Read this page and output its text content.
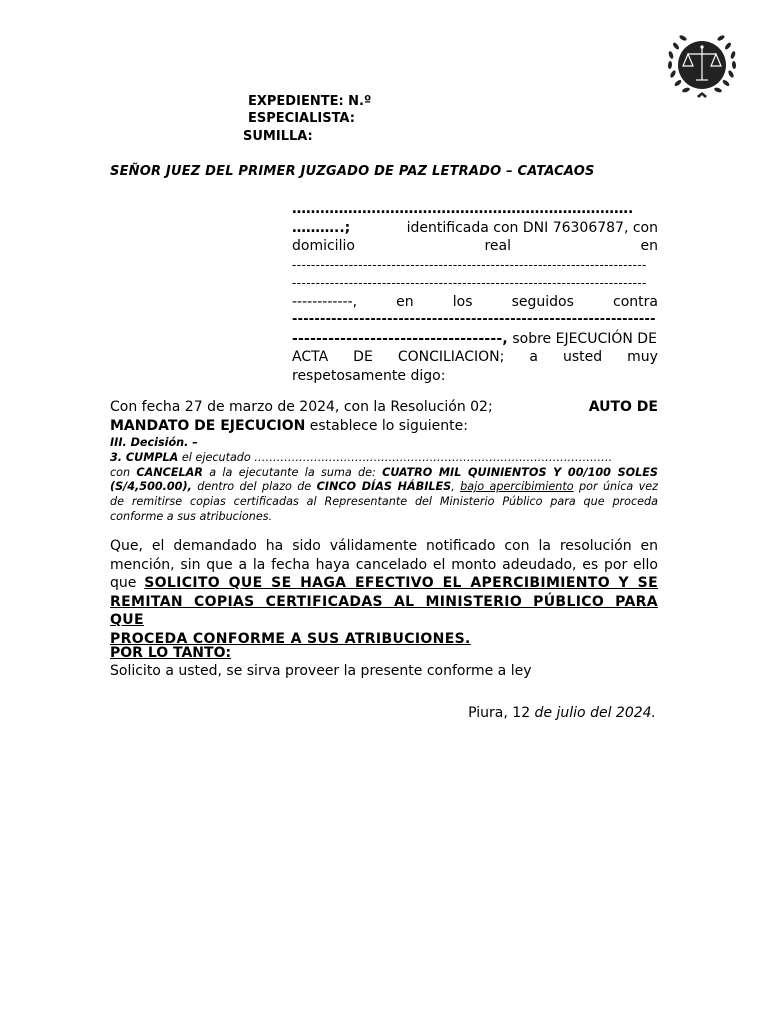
EXPEDIENTE: N.º
ESPECIALISTA:
SUMILLA:
SEÑOR JUEZ DEL PRIMER JUZGADO DE PAZ LETRADO – CATACAOS
……………………………………………………………….
………..;	identificada con DNI 76306787, con
domicilio	real	en
---------------------------------------------------------------------------
---------------------------------------------------------------------------
------------,	en	los	seguidos	contra
-----------------------------------------------------------------
-----------------------------------, sobre EJECUCIÓN DE
ACTA DE CONCILIACION; a usted muy
respetosamente digo:
Con fecha 27 de marzo de 2024, con la Resolución 02;	AUTO DE
MANDATO DE EJECUCION establece lo siguiente:
III. Decisión. –
3. CUMPLA el ejecutado ……………………………………………………………………………………
con CANCELAR a la ejecutante la suma de: CUATRO MIL QUINIENTOS Y 00/100 SOLES
(S/4,500.00), dentro del plazo de CINCO DÍAS HÁBILES, bajo apercibimiento por única vez
de remitirse copias certificadas al Representante del Ministerio Público para que proceda
conforme a sus atribuciones.
Que, el demandado ha sido válidamente notificado con la resolución en
mención, sin que a la fecha haya cancelado el monto adeudado, es por ello
que SOLICITO QUE SE HAGA EFECTIVO EL APERCIBIMIENTO Y SE
REMITAN COPIAS CERTIFICADAS AL MINISTERIO PÚBLICO PARA QUE
PROCEDA CONFORME A SUS ATRIBUCIONES.
POR LO TANTO:
Solicito a usted, se sirva proveer la presente conforme a ley
Piura, 12 de julio del 2024.
